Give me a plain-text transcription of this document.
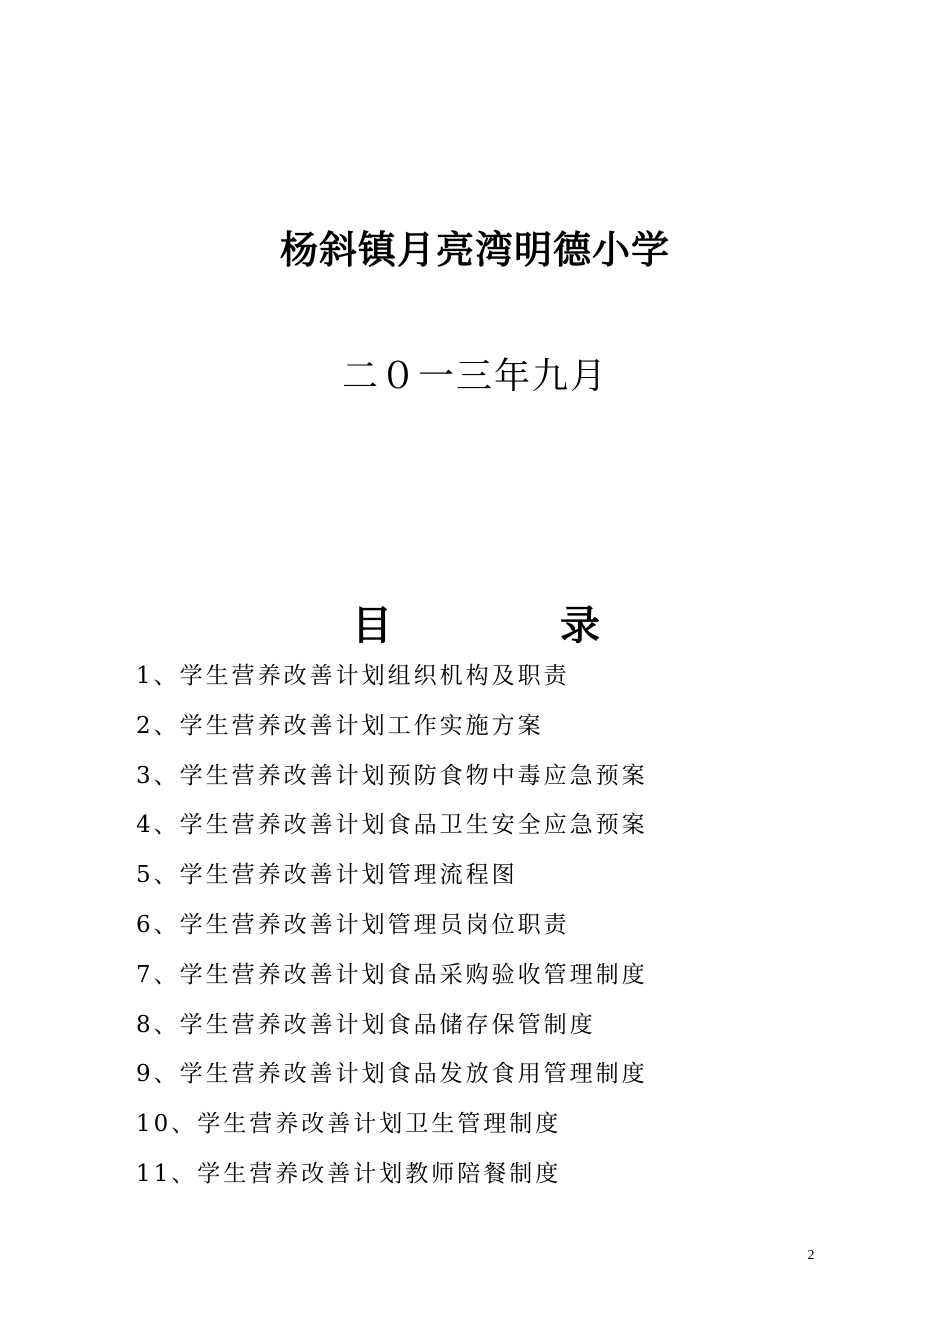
杨斜镇月亮湾明德小学
二０一三年九月
目	录
1、学生营养改善计划组织机构及职责
2、学生营养改善计划工作实施方案
3、学生营养改善计划预防食物中毒应急预案
4、学生营养改善计划食品卫生安全应急预案
5、学生营养改善计划管理流程图
6、学生营养改善计划管理员岗位职责
7、学生营养改善计划食品采购验收管理制度
8、学生营养改善计划食品储存保管制度
9、学生营养改善计划食品发放食用管理制度
10、学生营养改善计划卫生管理制度
11、学生营养改善计划教师陪餐制度
2
